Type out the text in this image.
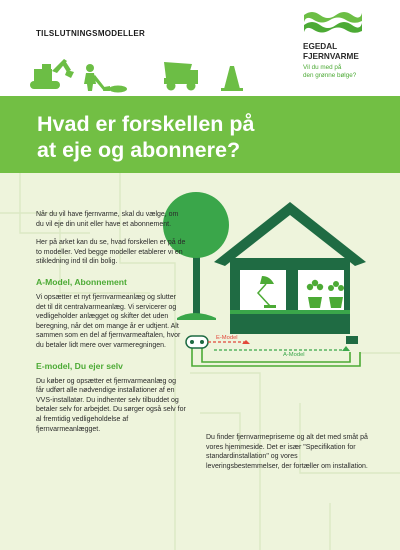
TILSLUTNINGSMODELLER
EGEDAL
FJERNVARME
Vil du med på
den grønne bølge?
Hvad er forskellen på
at eje og abonnere?
E-Model
A-Model

Når du vil have fjernvarme, skal du vælge, om du vil eje din unit eller have et abonnement.

Her på arket kan du se, hvad forskellen er på de to modeller. Ved begge modeller etablerer vi en stikledning ind til din bolig.

A-Model, Abonnement

Vi opsætter et nyt fjernvarmeanlæg og slutter det til dit centralvarmeanlæg. Vi servicerer og vedligeholder anlægget og skifter det uden beregning, når det om mange år er udtjent. Alt sammen som en del af fjernvarmeaftalen, hvor du betaler lidt mere over varmeregningen.

E-model, Du ejer selv

Du køber og opsætter et fjernvarmeanlæg og får udført alle nødvendige installationer af en VVS-installatør. Du indhenter selv tilbuddet og betaler selv for arbejdet. Du sørger også selv for al fremtidig vedligeholdelse af fjernvarmeanlægget.

Du finder fjernvarmepriserne og alt det med småt på vores hjemmeside. Det er især "Specifikation for standardinstallation" og vores leveringsbestemmelser, der fortæller om installation.
